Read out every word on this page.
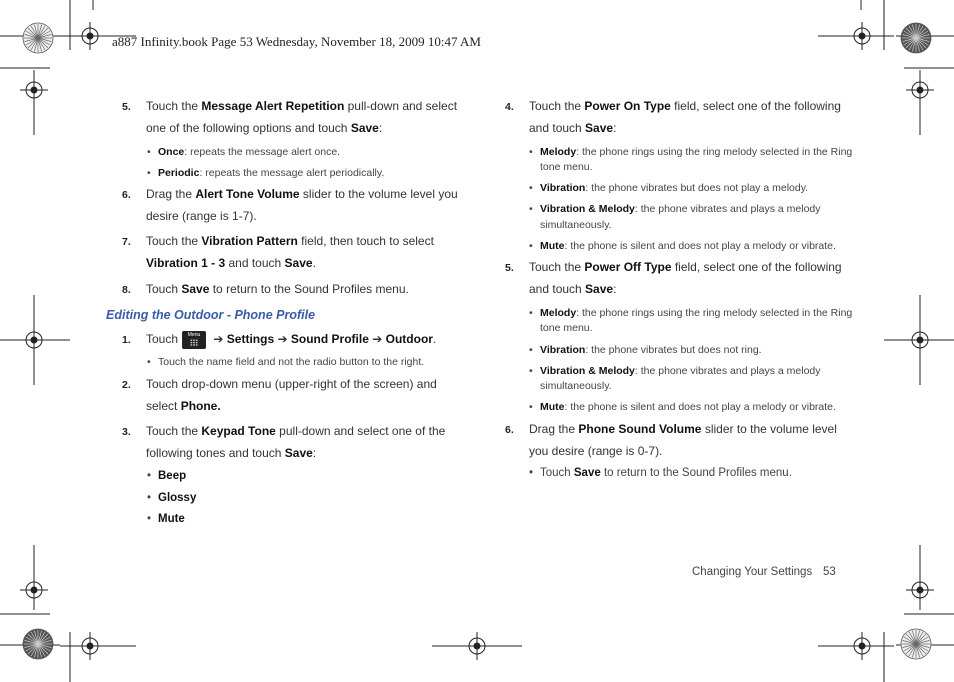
a887 Infinity.book Page 53 Wednesday, November 18, 2009 10:47 AM
5. Touch the Message Alert Repetition pull-down and select
one of the following options and touch Save:
• Once: repeats the message alert once.
• Periodic: repeats the message alert periodically.
6. Drag the Alert Tone Volume slider to the volume level you
desire (range is 1-7).
7. Touch the Vibration Pattern field, then touch to select
Vibration 1 - 3 and touch Save.
8. Touch Save to return to the Sound Profiles menu.
Editing the Outdoor - Phone Profile
1. Touch	Menu	➔ Settings ➔ Sound Profile ➔ Outdoor.
• Touch the name field and not the radio button to the right.
2. Touch drop-down menu (upper-right of the screen) and
select Phone.
3. Touch the Keypad Tone pull-down and select one of the
following tones and touch Save:
• Beep
• Glossy
• Mute
4. Touch the Power On Type field, select one of the following
and touch Save:
• Melody: the phone rings using the ring melody selected in the Ring
tone menu.
• Vibration: the phone vibrates but does not play a melody.
• Vibration & Melody: the phone vibrates and plays a melody
simultaneously.
• Mute: the phone is silent and does not play a melody or vibrate.
5. Touch the Power Off Type field, select one of the following
and touch Save:
• Melody: the phone rings using the ring melody selected in the Ring
tone menu.
• Vibration: the phone vibrates but does not ring.
• Vibration & Melody: the phone vibrates and plays a melody
simultaneously.
• Mute: the phone is silent and does not play a melody or vibrate.
6. Drag the Phone Sound Volume slider to the volume level
you desire (range is 0-7).
• Touch Save to return to the Sound Profiles menu.
Changing Your Settings 53
